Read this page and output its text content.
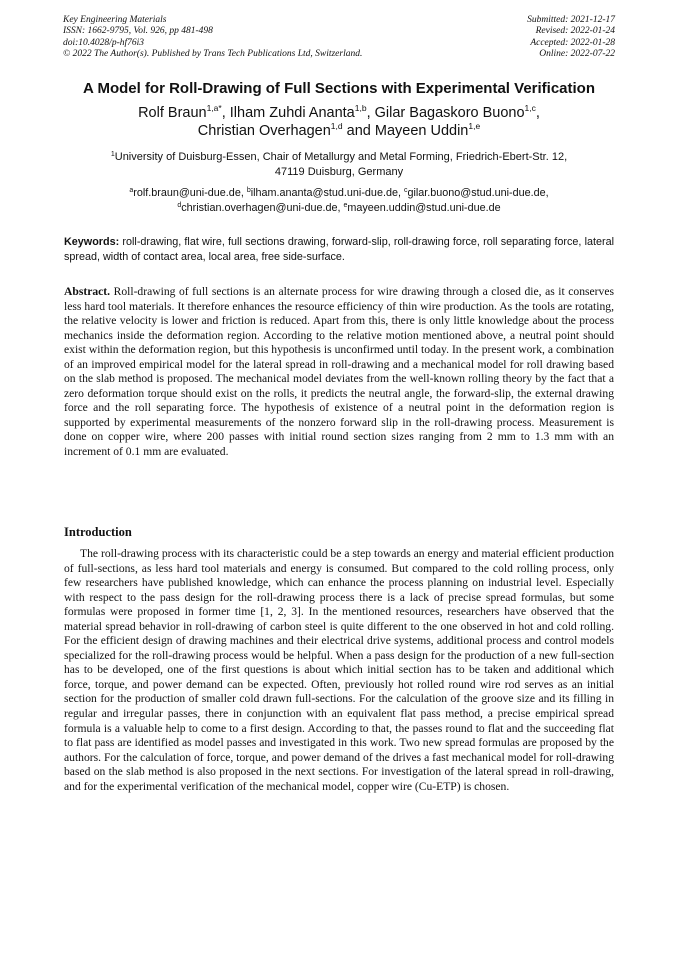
Key Engineering Materials
ISSN: 1662-9795, Vol. 926, pp 481-498
doi:10.4028/p-hf76i3
© 2022 The Author(s). Published by Trans Tech Publications Ltd, Switzerland.
Submitted: 2021-12-17
Revised: 2022-01-24
Accepted: 2022-01-28
Online: 2022-07-22
A Model for Roll-Drawing of Full Sections with Experimental Verification
Rolf Braun$^{1,a*}$, Ilham Zuhdi Ananta$^{1,b}$, Gilar Bagaskoro Buono$^{1,c}$,
Christian Overhagen$^{1,d}$ and Mayeen Uddin$^{1,e}$
$^1$University of Duisburg-Essen, Chair of Metallurgy and Metal Forming, Friedrich-Ebert-Str. 12,
47119 Duisburg, Germany
$^a$rolf.braun@uni-due.de, $^b$ilham.ananta@stud.uni-due.de, $^c$gilar.buono@stud.uni-due.de,
$^d$christian.overhagen@uni-due.de, $^e$mayeen.uddin@stud.uni-due.de
Keywords: roll-drawing, flat wire, full sections drawing, forward-slip, roll-drawing force, roll separating force, lateral spread, width of contact area, local area, free side-surface.
Abstract. Roll-drawing of full sections is an alternate process for wire drawing through a closed die, as it conserves less hard tool materials. It therefore enhances the resource efficiency of thin wire production. As the tools are rotating, the relative velocity is lower and friction is reduced. Apart from this, there is only little knowledge about the process mechanics inside the deformation region. According to the relative motion mentioned above, a neutral point should exist within the deformation region, but this hypothesis is unconfirmed until today. In the present work, a combination of an improved empirical model for the lateral spread in roll-drawing and a mechanical model for roll drawing based on the slab method is proposed. The mechanical model deviates from the well-known rolling theory by the fact that a zero deformation torque should exist on the rolls, it predicts the neutral angle, the forward-slip, the external drawing force and the roll separating force. The hypothesis of existence of a neutral point in the deformation region is supported by experimental measurements of the nonzero forward slip in the roll-drawing process. Measurement is done on copper wire, where 200 passes with initial round section sizes ranging from 2 mm to 1.3 mm with an increment of 0.1 mm are evaluated.
Introduction

The roll-drawing process with its characteristic could be a step towards an energy and material efficient production of full-sections, as less hard tool materials and energy is consumed. But compared to the cold rolling process, only few researchers have published knowledge, which can enhance the process planning on industrial level. Especially with respect to the pass design for the roll-drawing process there is a lack of precise spread formulas, but some formulas were proposed in former time [1, 2, 3]. In the mentioned resources, researchers have observed that the material spread behavior in roll-drawing of carbon steel is quite different to the one observed in hot and cold rolling. For the efficient design of drawing machines and their electrical drive systems, additional process and control models specialized for the roll-drawing process would be helpful. When a pass design for the production of a new full-section has to be developed, one of the first questions is about which initial section has to be taken and additional which force, torque, and power demand can be expected. Often, previously hot rolled round wire rod serves as an initial section for the production of smaller cold drawn full-sections. For the calculation of the groove size and its filling in regular and irregular passes, there in conjunction with an equivalent flat pass method, a precise empirical spread formula is a valuable help to come to a first design. According to that, the passes round to flat and the succeeding flat to flat pass are identified as model passes and investigated in this work. Two new spread formulas are proposed by the authors. For the calculation of force, torque, and power demand of the drives a fast mechanical model for roll-drawing based on the slab method is also proposed in the next sections. For investigation of the lateral spread in roll-drawing, and for the experimental verification of the mechanical model, copper wire (Cu-ETP) is chosen.
